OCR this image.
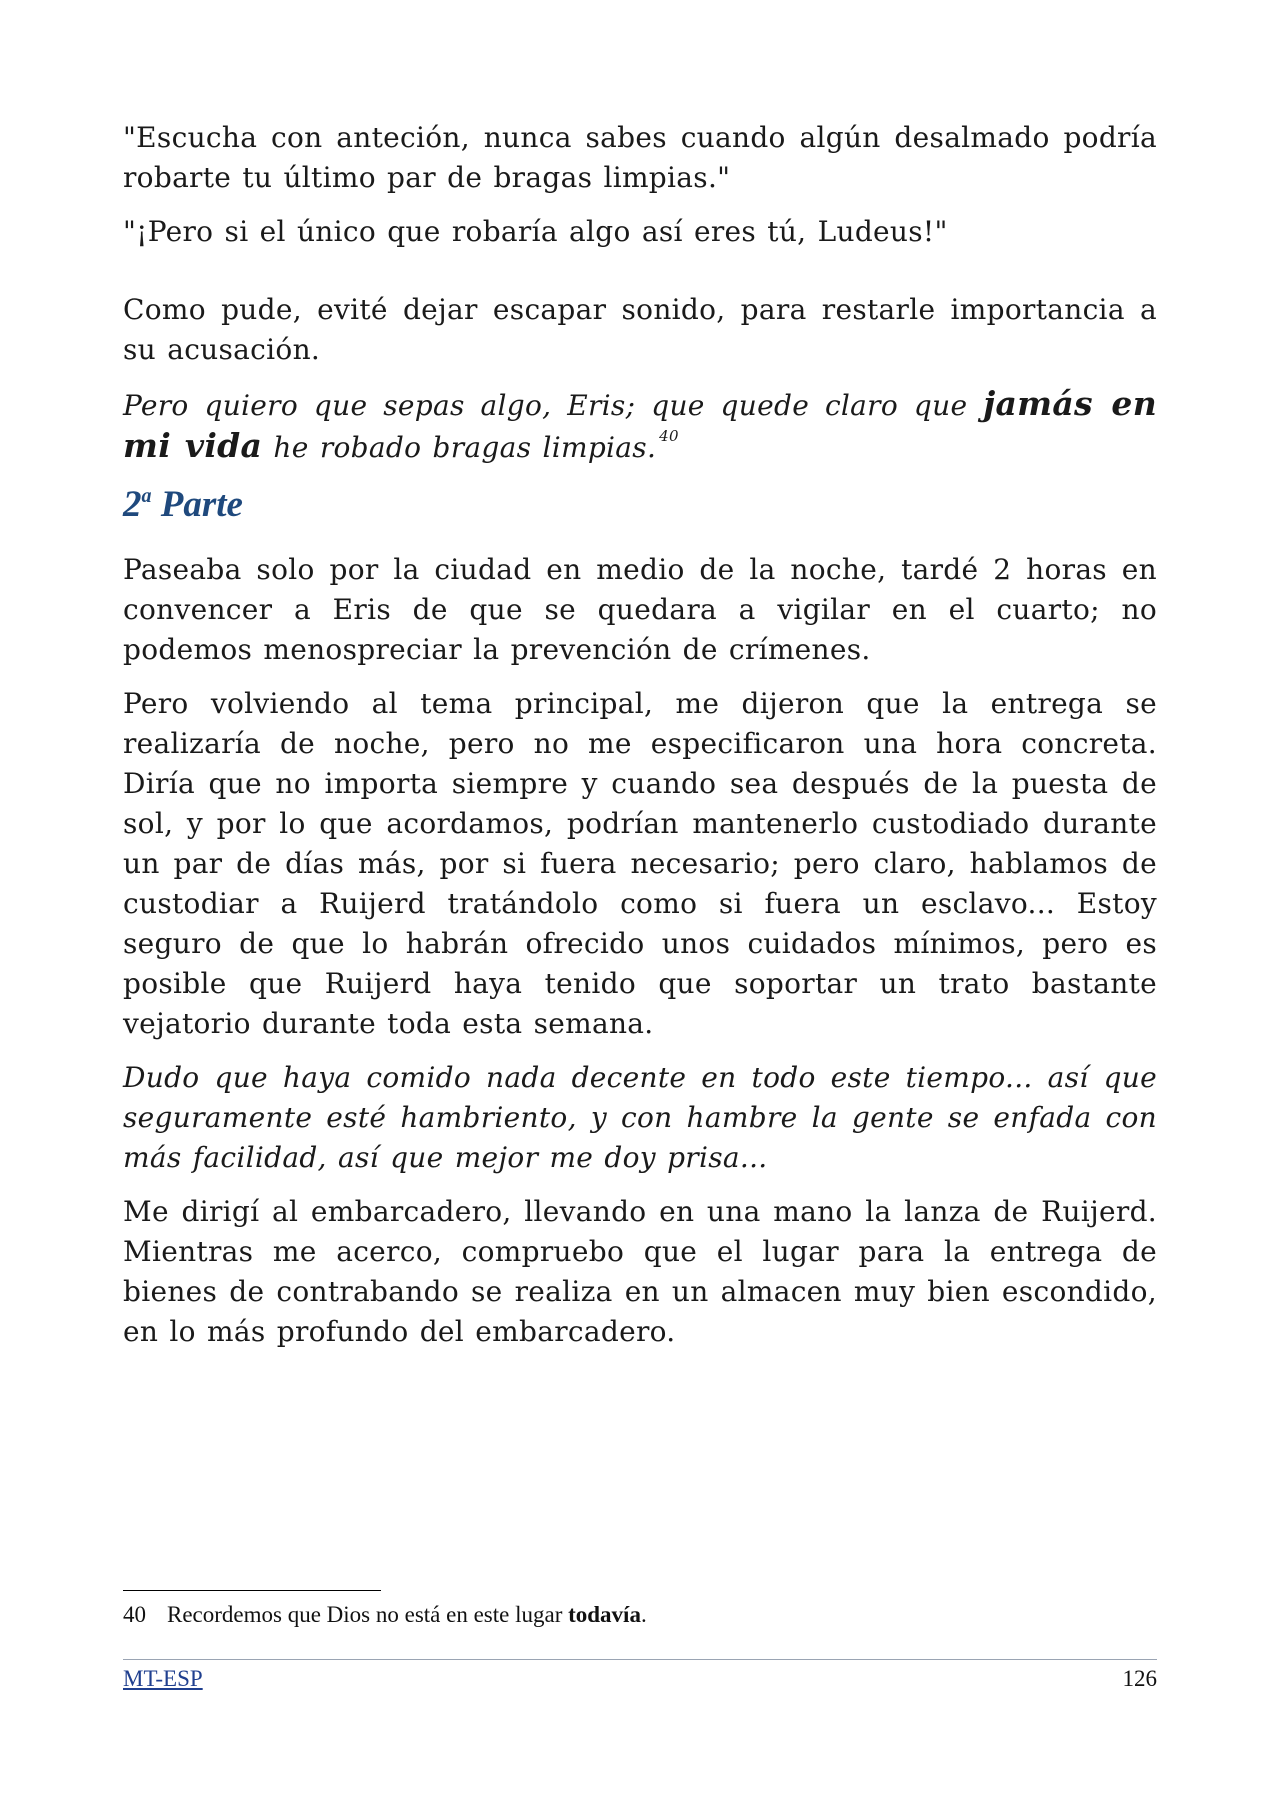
"Escucha con anteción, nunca sabes cuando algún desalmado podría robarte tu último par de bragas limpias."

"¡Pero si el único que robaría algo así eres tú, Ludeus!"

Como pude, evité dejar escapar sonido, para restarle importancia a su acusación.

Pero quiero que sepas algo, Eris; que quede claro que jamás en mi vida he robado bragas limpias. $^{40}$

2$^a$ Parte

Paseaba solo por la ciudad en medio de la noche, tardé 2 horas en convencer a Eris de que se quedara a vigilar en el cuarto; no podemos menospreciar la prevención de crímenes.

Pero volviendo al tema principal, me dijeron que la entrega se realizaría de noche, pero no me especificaron una hora concreta. Diría que no importa siempre y cuando sea después de la puesta de sol, y por lo que acordamos, podrían mantenerlo custodiado durante un par de días más, por si fuera necesario; pero claro, hablamos de custodiar a Ruijerd tratándolo como si fuera un esclavo... Estoy seguro de que lo habrán ofrecido unos cuidados mínimos, pero es posible que Ruijerd haya tenido que soportar un trato bastante vejatorio durante toda esta semana.

Dudo que haya comido nada decente en todo este tiempo... así que seguramente esté hambriento, y con hambre la gente se enfada con más facilidad, así que mejor me doy prisa...

Me dirigí al embarcadero, llevando en una mano la lanza de Ruijerd. Mientras me acerco, compruebo que el lugar para la entrega de bienes de contrabando se realiza en un almacen muy bien escondido, en lo más profundo del embarcadero.

40 Recordemos que Dios no está en este lugar todavía.
MT-ESP	126
